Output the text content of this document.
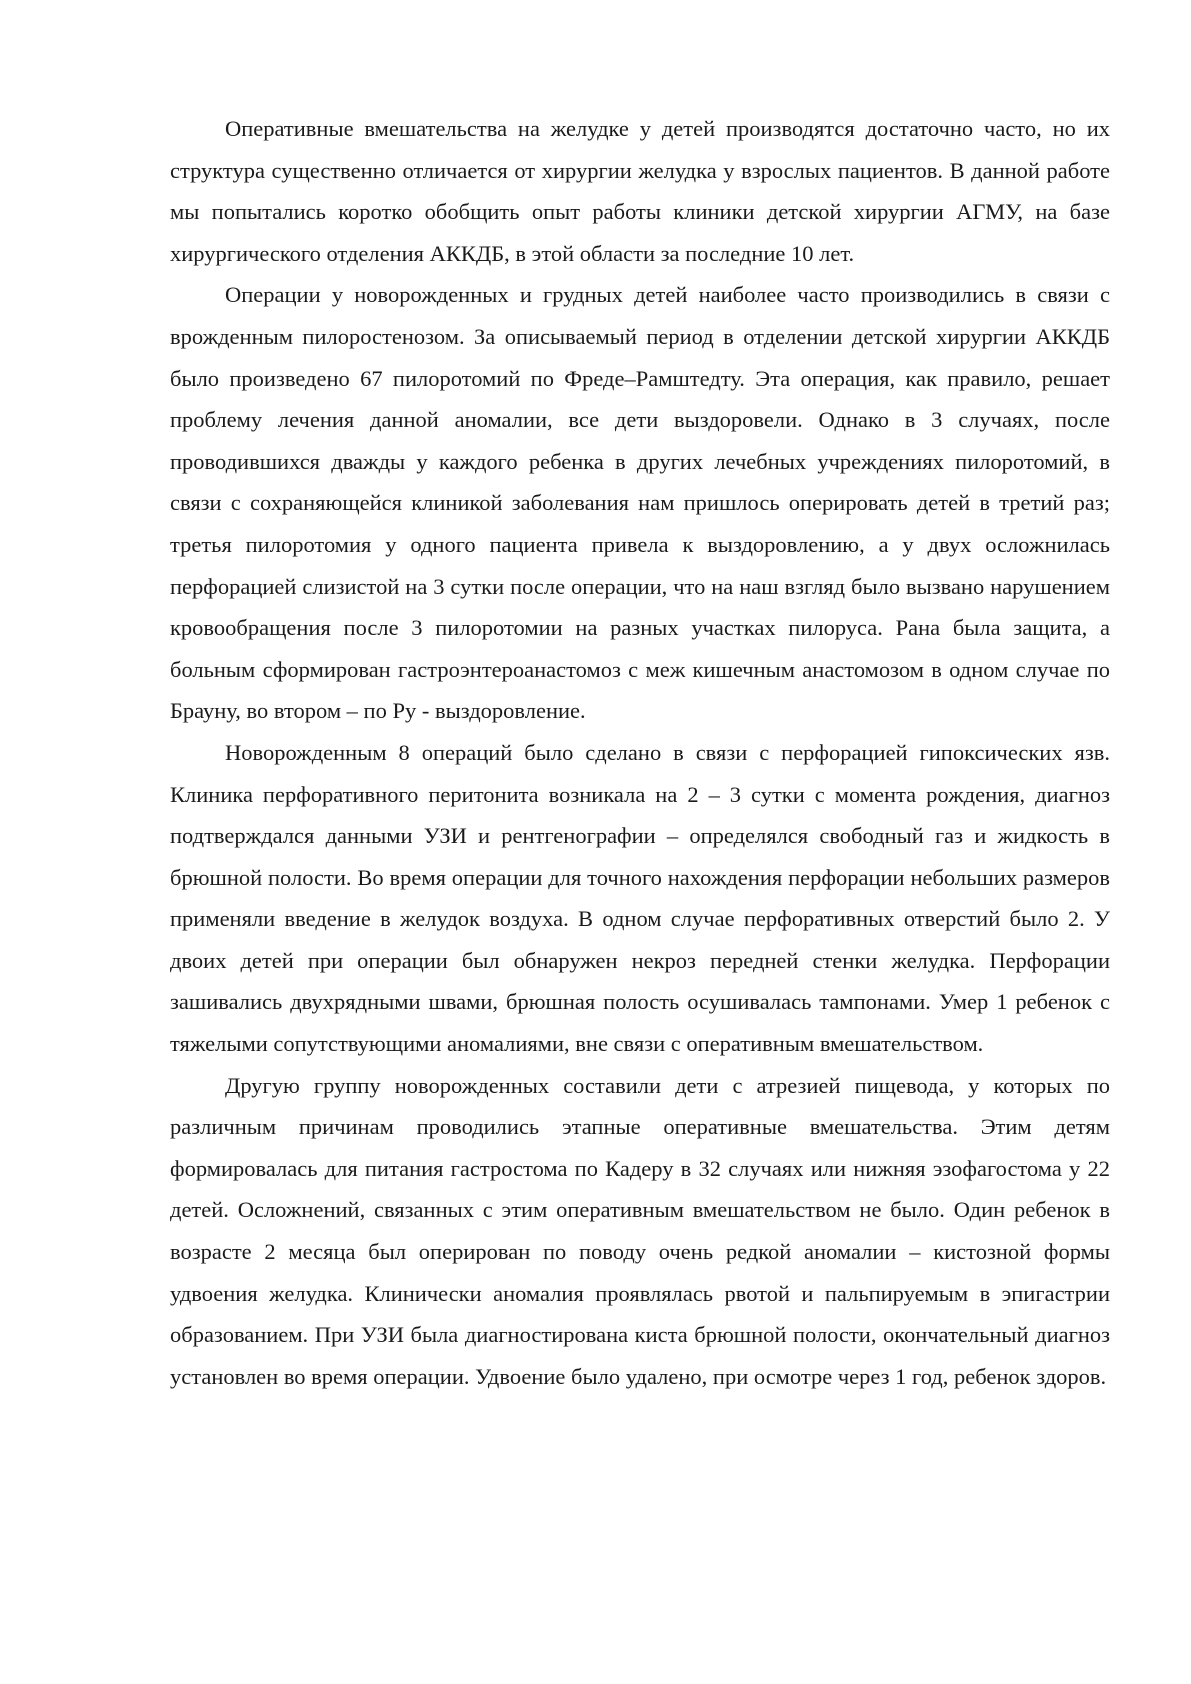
Оперативные вмешательства на желудке у детей производятся достаточно часто, но их структура существенно отличается от хирургии желудка у взрослых пациентов. В данной работе мы попытались коротко обобщить опыт работы клиники детской хирургии АГМУ, на базе хирургического отделения АККДБ, в этой области за последние 10 лет.

Операции у новорожденных и грудных детей наиболее часто производились в связи с врожденным пилоростенозом. За описываемый период в отделении детской хирургии АККДБ было произведено 67 пилоротомий по Фреде–Рамштедту. Эта операция, как правило, решает проблему лечения данной аномалии, все дети выздоровели. Однако в 3 случаях, после проводившихся дважды у каждого ребенка в других лечебных учреждениях пилоротомий, в связи с сохраняющейся клиникой заболевания нам пришлось оперировать детей в третий раз; третья пилоротомия у одного пациента привела к выздоровлению, а у двух осложнилась перфорацией слизистой на 3 сутки после операции, что на наш взгляд было вызвано нарушением кровообращения после 3 пилоротомии на разных участках пилоруса. Рана была защита, а больным сформирован гастроэнтероанастомоз с меж кишечным анастомозом в одном случае по Брауну, во втором – по Ру - выздоровление.

Новорожденным 8 операций было сделано в связи с перфорацией гипоксических язв. Клиника перфоративного перитонита возникала на 2 – 3 сутки с момента рождения, диагноз подтверждался данными УЗИ и рентгенографии – определялся свободный газ и жидкость в брюшной полости. Во время операции для точного нахождения перфорации небольших размеров применяли введение в желудок воздуха. В одном случае перфоративных отверстий было 2. У двоих детей при операции был обнаружен некроз передней стенки желудка. Перфорации зашивались двухрядными швами, брюшная полость осушивалась тампонами. Умер 1 ребенок с тяжелыми сопутствующими аномалиями, вне связи с оперативным вмешательством.

Другую группу новорожденных составили дети с атрезией пищевода, у которых по различным причинам проводились этапные оперативные вмешательства. Этим детям формировалась для питания гастростома по Кадеру в 32 случаях или нижняя эзофагостома у 22 детей. Осложнений, связанных с этим оперативным вмешательством не было. Один ребенок в возрасте 2 месяца был оперирован по поводу очень редкой аномалии – кистозной формы удвоения желудка. Клинически аномалия проявлялась рвотой и пальпируемым в эпигастрии образованием. При УЗИ была диагностирована киста брюшной полости, окончательный диагноз установлен во время операции. Удвоение было удалено, при осмотре через 1 год, ребенок здоров.
